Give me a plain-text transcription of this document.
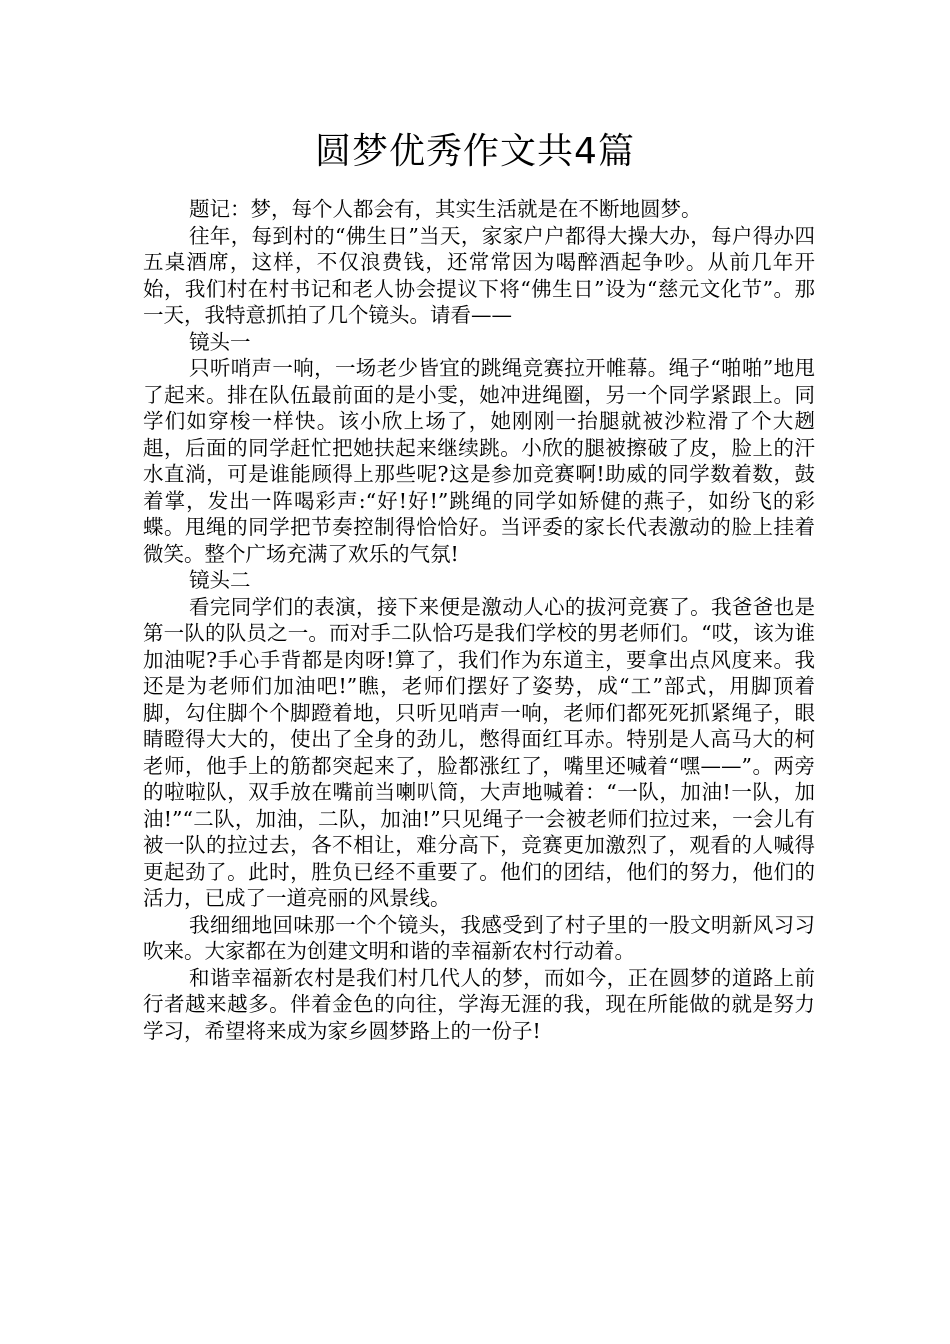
圆梦优秀作文共4篇

题记：梦，每个人都会有，其实生活就是在不断地圆梦。

往年，每到村的“佛生日”当天，家家户户都得大操大办，每户得办四五桌酒席，这样，不仅浪费钱，还常常因为喝醉酒起争吵。从前几年开始，我们村在村书记和老人协会提议下将“佛生日”设为“慈元文化节”。那一天，我特意抓拍了几个镜头。请看——

镜头一

只听哨声一响，一场老少皆宜的跳绳竞赛拉开帷幕。绳子“啪啪”地甩了起来。排在队伍最前面的是小雯，她冲进绳圈，另一个同学紧跟上。同学们如穿梭一样快。该小欣上场了，她刚刚一抬腿就被沙粒滑了个大趔趄，后面的同学赶忙把她扶起来继续跳。小欣的腿被擦破了皮，脸上的汗水直淌，可是谁能顾得上那些呢?这是参加竞赛啊!助威的同学数着数，鼓着掌，发出一阵喝彩声:“好!好!”跳绳的同学如矫健的燕子，如纷飞的彩蝶。甩绳的同学把节奏控制得恰恰好。当评委的家长代表激动的脸上挂着微笑。整个广场充满了欢乐的气氛!

镜头二

看完同学们的表演，接下来便是激动人心的拔河竞赛了。我爸爸也是第一队的队员之一。而对手二队恰巧是我们学校的男老师们。“哎，该为谁加油呢?手心手背都是肉呀!算了，我们作为东道主，要拿出点风度来。我还是为老师们加油吧!”瞧，老师们摆好了姿势，成“工”部式，用脚顶着脚，勾住脚个个脚蹬着地，只听见哨声一响，老师们都死死抓紧绳子，眼睛瞪得大大的，使出了全身的劲儿，憋得面红耳赤。特别是人高马大的柯老师，他手上的筋都突起来了，脸都涨红了，嘴里还喊着“嘿——”。两旁的啦啦队，双手放在嘴前当喇叭筒，大声地喊着：“一队，加油!一队，加油!”“二队，加油，二队，加油!”只见绳子一会被老师们拉过来，一会儿有被一队的拉过去，各不相让，难分高下，竞赛更加激烈了，观看的人喊得更起劲了。此时，胜负已经不重要了。他们的团结，他们的努力，他们的活力，已成了一道亮丽的风景线。

我细细地回味那一个个镜头，我感受到了村子里的一股文明新风习习吹来。大家都在为创建文明和谐的幸福新农村行动着。

和谐幸福新农村是我们村几代人的梦，而如今，正在圆梦的道路上前行者越来越多。伴着金色的向往，学海无涯的我，现在所能做的就是努力学习，希望将来成为家乡圆梦路上的一份子!
